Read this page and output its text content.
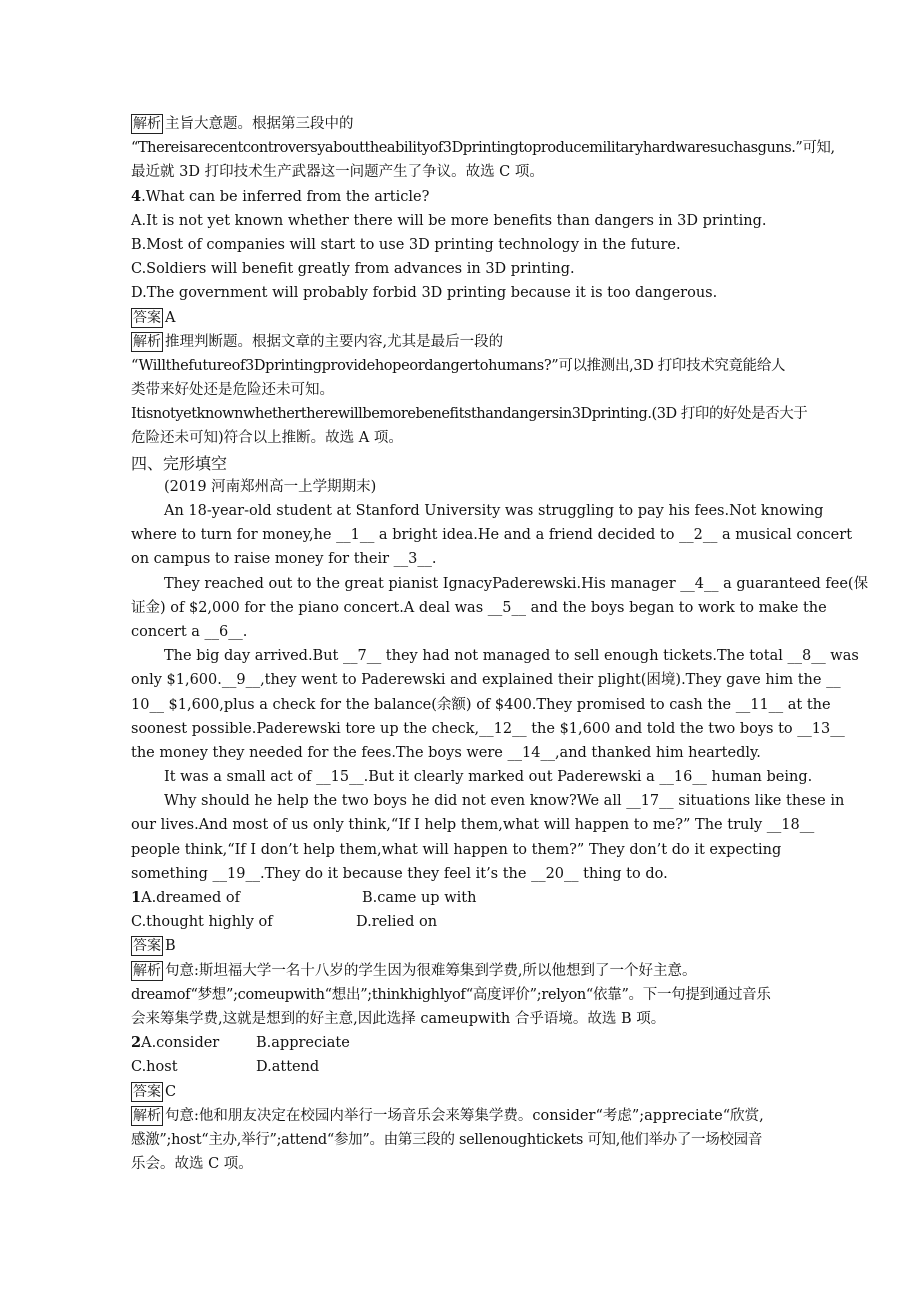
解析 主旨大意题。根据第三段中的
“Thereisarecentcontroversyabouttheabilityof3Dprintingtoproducemilitaryhardwaresuchasguns.”可知,
最近就 3D 打印技术生产武器这一问题产生了争议。故选 C 项。
4.What can be inferred from the article?
A.It is not yet known whether there will be more benefits than dangers in 3D printing.
B.Most of companies will start to use 3D printing technology in the future.
C.Soldiers will benefit greatly from advances in 3D printing.
D.The government will probably forbid 3D printing because it is too dangerous.
答案 A
解析 推理判断题。根据文章的主要内容,尤其是最后一段的
“Willthefutureof3Dprintingprovidehopeordangertohumans?”可以推测出,3D 打印技术究竟能给人
类带来好处还是危险还未可知。
Itisnotyetknownwhethertherewillbemorebenefitsthandangersin3Dprinting.(3D 打印的好处是否大于
危险还未可知)符合以上推断。故选 A 项。
四、完形填空
(2019 河南郑州高一上学期期末)
An 18-year-old student at Stanford University was struggling to pay his fees.Not knowing
where to turn for money,he __1__ a bright idea.He and a friend decided to __2__ a musical concert
on campus to raise money for their __3__.
They reached out to the great pianist IgnacyPaderewski.His manager __4__ a guaranteed fee(保
证金) of $2,000 for the piano concert.A deal was __5__ and the boys began to work to make the
concert a __6__.
The big day arrived.But __7__ they had not managed to sell enough tickets.The total __8__ was
only $1,600.__9__,they went to Paderewski and explained their plight(困境).They gave him the __
10__ $1,600,plus a check for the balance(余额) of $400.They promised to cash the __11__ at the
soonest possible.Paderewski tore up the check,__12__ the $1,600 and told the two boys to __13__
the money they needed for the fees.The boys were __14__,and thanked him heartedly.
It was a small act of __15__.But it clearly marked out Paderewski a __16__ human being.
Why should he help the two boys he did not even know?We all __17__ situations like these in
our lives.And most of us only think,“If I help them,what will happen to me?” The truly __18__
people think,“If I don’t help them,what will happen to them?” They don’t do it expecting
something __19__.They do it because they feel it’s the __20__ thing to do.
1A.dreamed of	B.came up with
C.thought highly of	D.relied on
答案 B
解析 句意:斯坦福大学一名十八岁的学生因为很难筹集到学费,所以他想到了一个好主意。
dreamof“梦想”;comeupwith“想出”;thinkhighlyof“高度评价”;relyon“依靠”。下一句提到通过音乐
会来筹集学费,这就是想到的好主意,因此选择 cameupwith 合乎语境。故选 B 项。
2A.consider	B.appreciate
C.host	D.attend
答案 C
解析 句意:他和朋友决定在校园内举行一场音乐会来筹集学费。consider“考虑”;appreciate“欣赏,
感激”;host“主办,举行”;attend“参加”。由第三段的 sellenoughtickets 可知,他们举办了一场校园音
乐会。故选 C 项。
